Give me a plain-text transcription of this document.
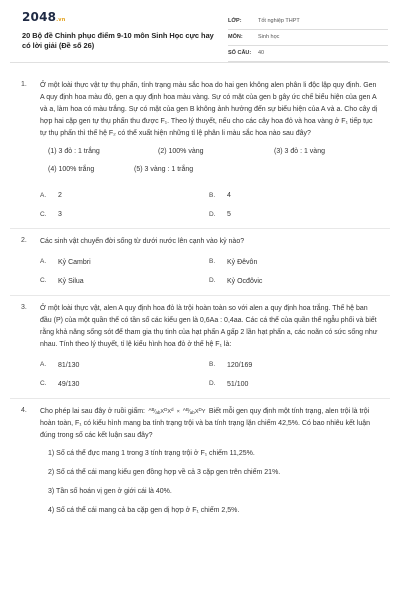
2048.vn
20 Bộ đề Chinh phục điểm 9-10 môn Sinh Học cực hay có lời giải (Đề số 26)
LỚP:	Tốt nghiệp THPT
MÔN:	Sinh học
SỐ CÂU:	40
1. Ở một loài thực vật tự thụ phấn, tính trạng màu sắc hoa do hai gen không alen phân li độc lập quy định. Gen A quy định hoa màu đỏ, gen a quy định hoa màu vàng. Sự có mặt của gen b gây ức chế biểu hiện của gen A và a, làm hoa có màu trắng. Sự có mặt của gen B không ảnh hưởng đến sự biểu hiện của A và a. Cho cây dị hợp hai cặp gen tự thụ phấn thu được F₁. Theo lý thuyết, nếu cho các cây hoa đỏ và hoa vàng ở F₁ tiếp tục tự thụ phấn thì thế hệ F₂ có thể xuất hiện những tỉ lệ phân li màu sắc hoa nào sau đây?
(1) 3 đỏ : 1 trắng	(2) 100% vàng	(3) 3 đỏ : 1 vàng
(4) 100% trắng	(5) 3 vàng : 1 trắng
A.	2	B.	4
C.	3	D.	5
2. Các sinh vật chuyển đời sống từ dưới nước lên cạnh vào kỷ nào?
A.	Kỷ Cambri	B.	Kỷ Đêvôn
C.	Kỷ Silua	D.	Kỷ Ocđôvic
3. Ở một loài thực vật, alen A quy định hoa đỏ là trội hoàn toàn so với alen a quy định hoa trắng. Thế hệ ban đầu (P) của một quần thể có tần số các kiểu gen là 0,6Aa : 0,4aa. Các cá thể của quần thể ngẫu phối và biết rằng khả năng sống sót để tham gia thụ tinh của hạt phấn A gấp 2 lần hạt phấn a, các noãn có sức sống như nhau. Tính theo lý thuyết, tỉ lệ kiểu hình hoa đỏ ở thế hệ F₁ là:
A.	81/130	B.	120/169
C.	49/130	D.	51/100
4. Cho phép lai sau đây ở ruồi giấm: $^{AB}⁄_{ab}X^DX^d$  ×  $^{AB}⁄_{ab}X^DY$  Biết mỗi gen quy định một tính trạng, alen trội là trội hoàn toàn, F₁ có kiểu hình mang ba tính trạng trội và ba tính trạng lặn chiếm 42,5%. Có bao nhiêu kết luận đúng trong số các kết luận sau đây?
1) Số cá thể đực mang 1 trong 3 tính trạng trội ở F₁ chiếm 11,25%.
2) Số cá thể cái mang kiểu gen đồng hợp về cả 3 cặp gen trên chiếm 21%.
3) Tần số hoán vị gen ở giới cái là 40%.
4) Số cá thể cái mang cả ba cặp gen dị hợp ở F₁ chiếm 2,5%.
